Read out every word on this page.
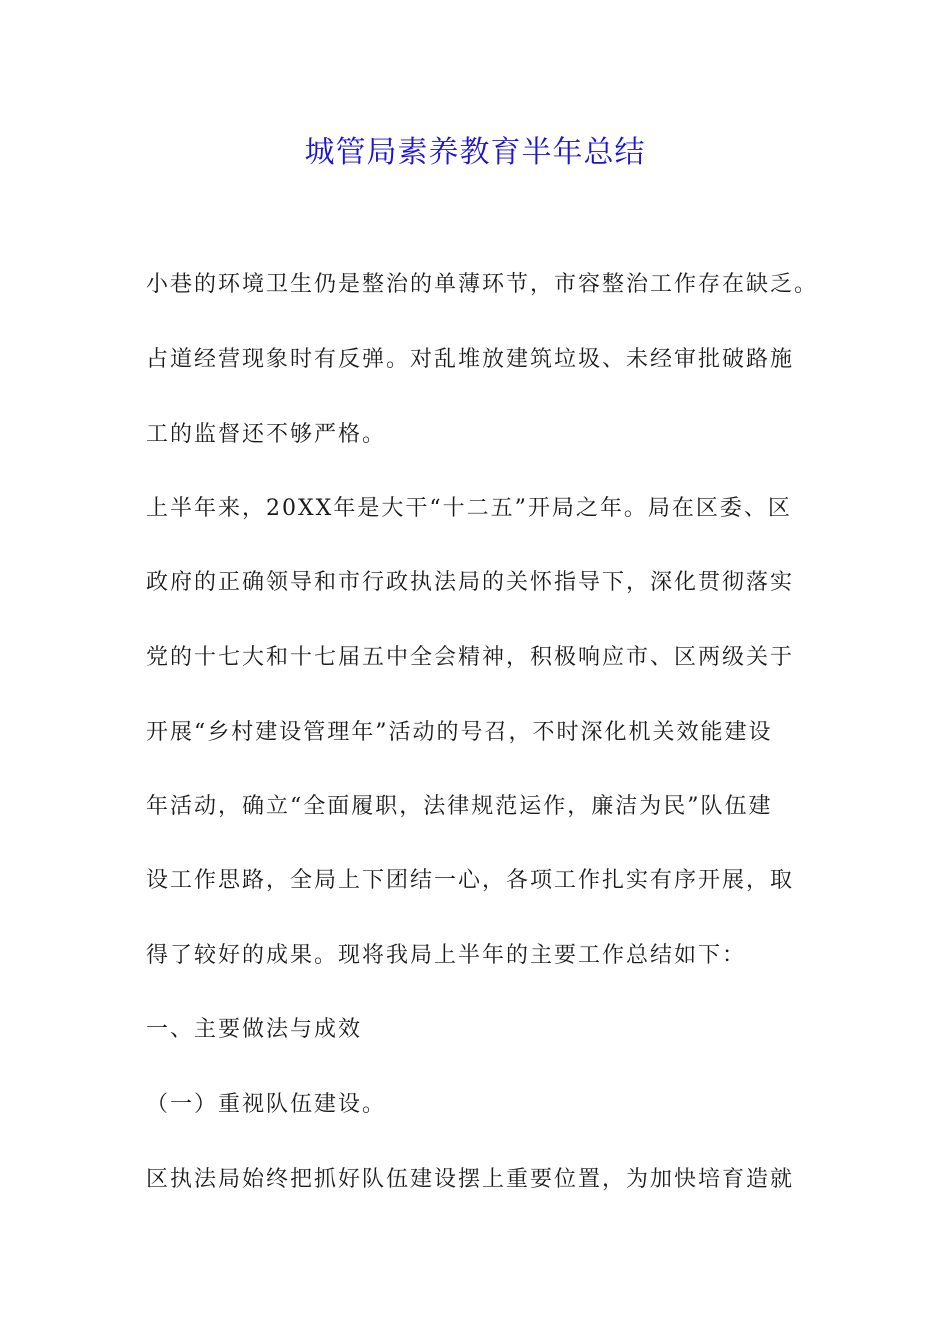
城管局素养教育半年总结

小巷的环境卫生仍是整治的单薄环节，市容整治工作存在缺乏。

占道经营现象时有反弹。对乱堆放建筑垃圾、未经审批破路施

工的监督还不够严格。

上半年来，20XX年是大干“十二五”开局之年。局在区委、区

政府的正确领导和市行政执法局的关怀指导下，深化贯彻落实

党的十七大和十七届五中全会精神，积极响应市、区两级关于

开展“乡村建设管理年”活动的号召，不时深化机关效能建设

年活动，确立“全面履职，法律规范运作，廉洁为民”队伍建

设工作思路，全局上下团结一心，各项工作扎实有序开展，取

得了较好的成果。现将我局上半年的主要工作总结如下：

一、主要做法与成效

（一）重视队伍建设。

区执法局始终把抓好队伍建设摆上重要位置，为加快培育造就
